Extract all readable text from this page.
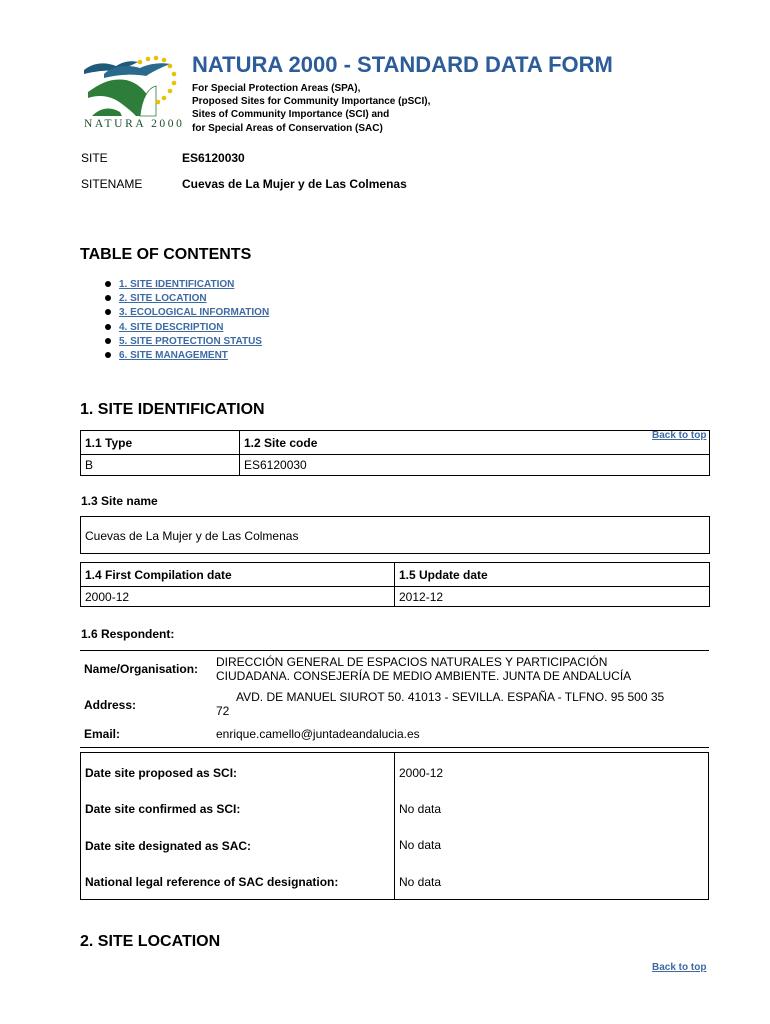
NATURA 2000
NATURA 2000 - STANDARD DATA FORM
For Special Protection Areas (SPA),
Proposed Sites for Community Importance (pSCI),
Sites of Community Importance (SCI) and
for Special Areas of Conservation (SAC)
SITE	ES6120030
SITENAME	Cuevas de La Mujer y de Las Colmenas
TABLE OF CONTENTS
1. SITE IDENTIFICATION
2. SITE LOCATION
3. ECOLOGICAL INFORMATION
4. SITE DESCRIPTION
5. SITE PROTECTION STATUS
6. SITE MANAGEMENT
1. SITE IDENTIFICATION
Back to top
1.1 Type	1.2 Site code
B	ES6120030
1.3 Site name
Cuevas de La Mujer y de Las Colmenas
1.4 First Compilation date	1.5 Update date
2000-12	2012-12
1.6 Respondent:
Name/Organisation: DIRECCIÓN GENERAL DE ESPACIOS NATURALES Y PARTICIPACIÓN
CIUDADANA. CONSEJERÍA DE MEDIO AMBIENTE. JUNTA DE ANDALUCÍA
Address:
AVD. DE MANUEL SIUROT 50. 41013 - SEVILLA. ESPAÑA - TLFNO. 95 500 35
72
Email:	enrique.camello@juntadeandalucia.es
Date site proposed as SCI:	2000-12
Date site confirmed as SCI:	No data
Date site designated as SAC:	No data
National legal reference of SAC designation:	No data
2. SITE LOCATION
Back to top
